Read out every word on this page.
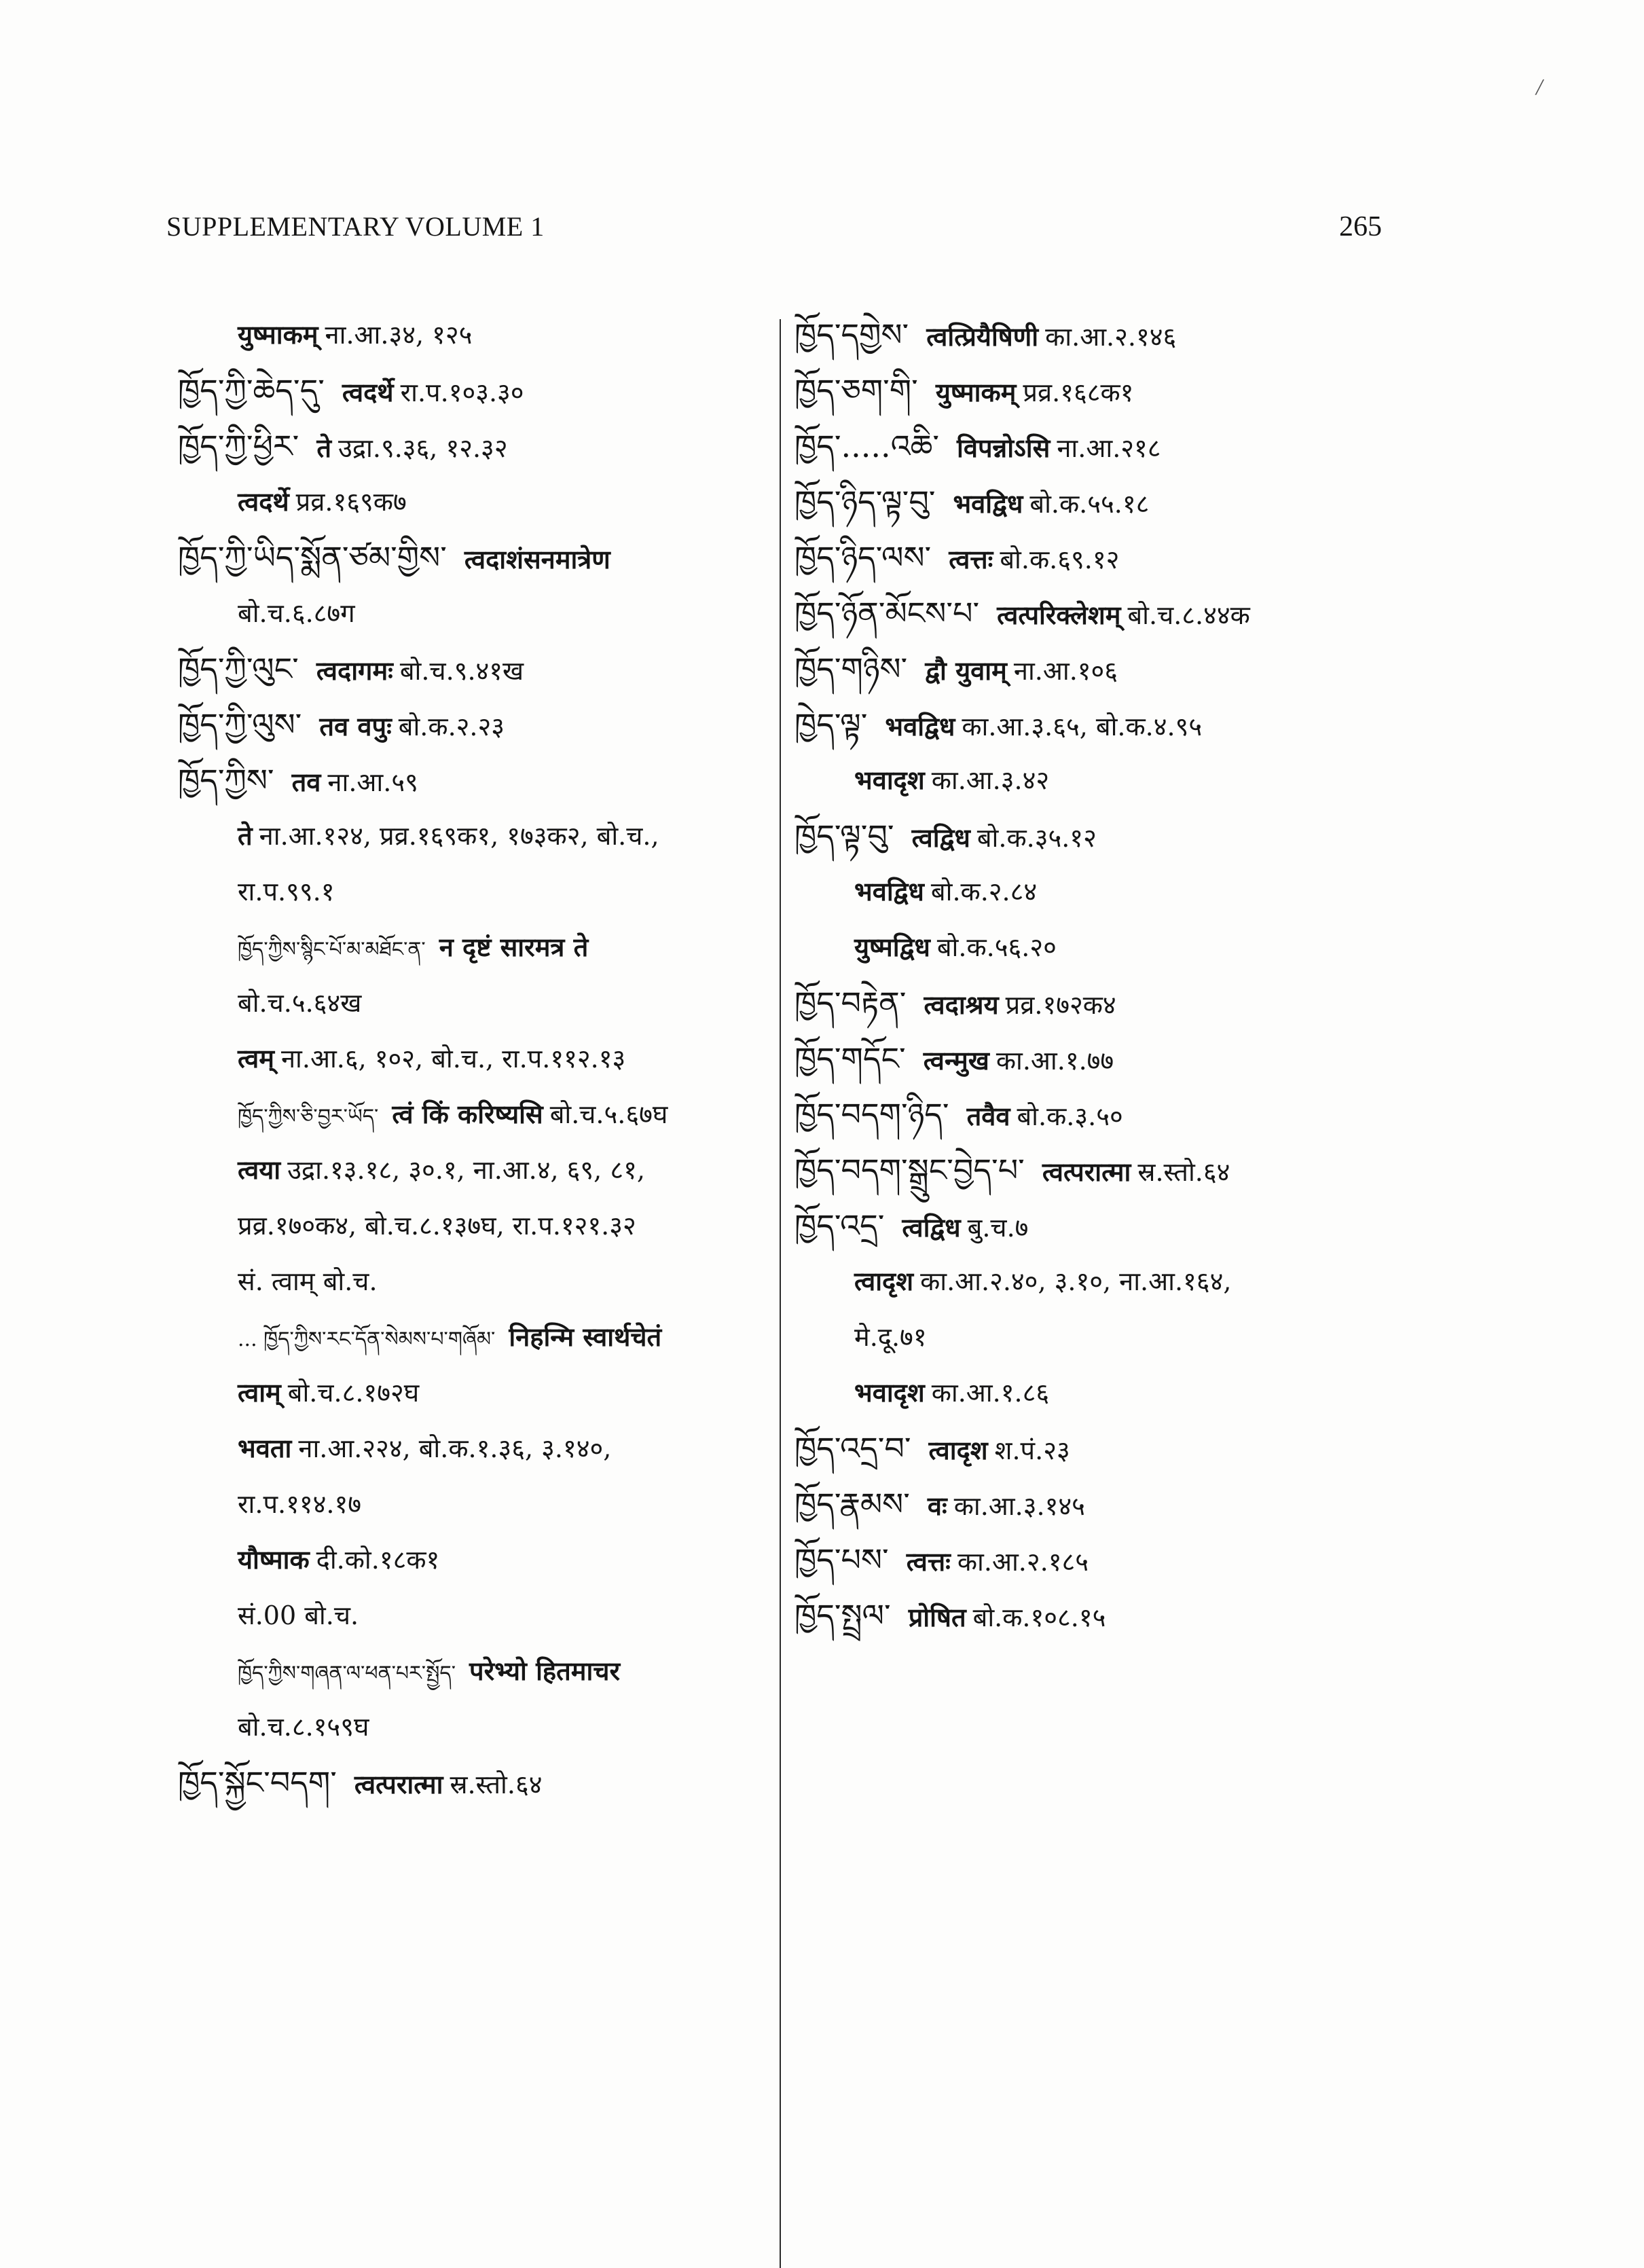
/
SUPPLEMENTARY VOLUME 1	265
युष्माकम् ना.आ.३४, १२५
ཁྱོད་ཀྱི་ཆེད་དུ་ त्वदर्थे रा.प.१०३.३०
ཁྱོད་ཀྱི་ཕྱིར་ ते उद्रा.९.३६, १२.३२
त्वदर्थे प्रव्र.१६९क७
ཁྱོད་ཀྱི་ཡིད་སྨོན་ཙམ་གྱིས་ त्वदाशंसनमात्रेण
बो.च.६.८७ग
ཁྱོད་ཀྱི་ལུང་ त्वदागमः बो.च.९.४१ख
ཁྱོད་ཀྱི་ལུས་ तव वपुः बो.क.२.२३
ཁྱོད་ཀྱིས་ तव ना.आ.५९
ते ना.आ.१२४, प्रव्र.१६९क१, १७३क२, बो.च.,
रा.प.९९.१
ཁྱོད་ཀྱིས་སྙིང་པོ་མ་མཐོང་ན་ न दृष्टं सारमत्र ते
बो.च.५.६४ख
त्वम् ना.आ.६, १०२, बो.च., रा.प.११२.१३
ཁྱོད་ཀྱིས་ཅི་བྱར་ཡོད་ त्वं किं करिष्यसि बो.च.५.६७घ
त्वया उद्रा.१३.१८, ३०.१, ना.आ.४, ६९, ८१,
प्रव्र.१७०क४, बो.च.८.१३७घ, रा.प.१२१.३२
सं. त्वाम् बो.च.
... ཁྱོད་ཀྱིས་རང་དོན་སེམས་པ་གཞོམ་ निहन्मि स्वार्थचेतं
त्वाम् बो.च.८.१७२घ
भवता ना.आ.२२४, बो.क.१.३६, ३.१४०,
रा.प.११४.१७
यौष्माक दी.को.१८क१
सं.00 बो.च.
ཁྱོད་ཀྱིས་གཞན་ལ་ཕན་པར་སྤྱོད་ परेभ्यो हितमाचर
बो.च.८.१५९घ
ཁྱོད་སྐྱོང་བདག་ त्वत्परात्मा स्र.स्तो.६४
ཁྱོད་དགྱེས་ त्वत्प्रियैषिणी का.आ.२.१४६
ཁྱོད་ཅག་གི་ युष्माकम् प्रव्र.१६८क१
ཁྱོད་.....འཆི་ विपन्नोऽसि ना.आ.२१८
ཁྱོད་ཉིད་ལྟ་བུ་ भवद्विध बो.क.५५.१८
ཁྱོད་ཉིད་ལས་ त्वत्तः बो.क.६९.१२
ཁྱོད་ཉོན་མོངས་པ་ त्वत्परिक्लेशम् बो.च.८.४४क
ཁྱོད་གཉིས་ द्वौ युवाम् ना.आ.१०६
ཁྱེད་ལྟ་ भवद्विध का.आ.३.६५, बो.क.४.९५
भवादृश का.आ.३.४२
ཁྱོད་ལྟ་བུ་ त्वद्विध बो.क.३५.१२
भवद्विध बो.क.२.८४
युष्मद्विध बो.क.५६.२०
ཁྱོད་བརྟེན་ त्वदाश्रय प्रव्र.१७२क४
ཁྱོད་གདོང་ त्वन्मुख का.आ.१.७७
ཁྱོད་བདག་ཉིད་ तवैव बो.क.३.५०
ཁྱོད་བདག་སྒྲུང་བྱེད་པ་ त्वत्परात्मा स्र.स्तो.६४
ཁྱོད་འདྲ་ त्वद्विध बु.च.७
त्वादृश का.आ.२.४०, ३.१०, ना.आ.१६४,
मे.दू.७१
भवादृश का.आ.१.८६
ཁྱོད་འདྲ་བ་ त्वादृश श.पं.२३
ཁྱོད་རྣམས་ वः का.आ.३.१४५
ཁྱོད་པས་ त्वत्तः का.आ.२.१८५
ཁྱོད་སྤྲལ་ प्रोषित बो.क.१०८.१५
